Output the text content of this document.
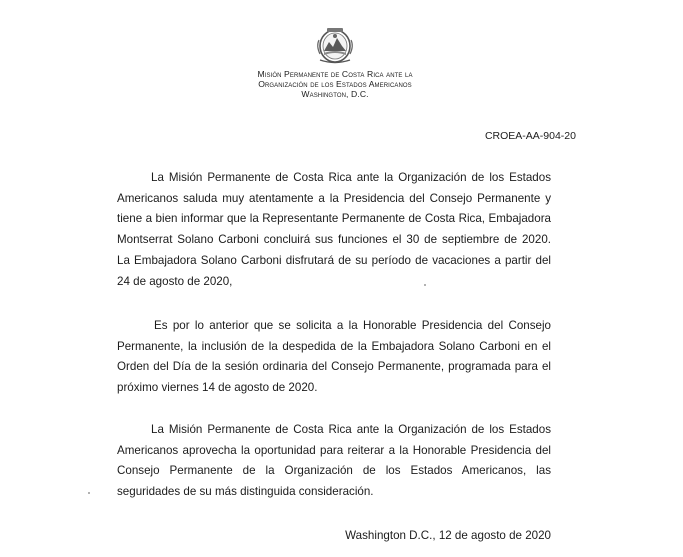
Misión Permanente de Costa Rica ante la
Organización de los Estados Americanos
Washington, D.C.
CROEA-AA-904-20
La Misión Permanente de Costa Rica ante la Organización de los Estados
Americanos saluda muy atentamente a la Presidencia del Consejo Permanente y
tiene a bien informar que la Representante Permanente de Costa Rica, Embajadora
Montserrat Solano Carboni concluirá sus funciones el 30 de septiembre de 2020.
La Embajadora Solano Carboni disfrutará de su período de vacaciones a partir del
24 de agosto de 2020,
Es por lo anterior que se solicita a la Honorable Presidencia del Consejo
Permanente, la inclusión de la despedida de la Embajadora Solano Carboni en el
Orden del Día de la sesión ordinaria del Consejo Permanente, programada para el
próximo viernes 14 de agosto de 2020.
La Misión Permanente de Costa Rica ante la Organización de los Estados
Americanos aprovecha la oportunidad para reiterar a la Honorable Presidencia del
Consejo Permanente de la Organización de los Estados Americanos, las
seguridades de su más distinguida consideración.
Washington D.C., 12 de agosto de 2020
